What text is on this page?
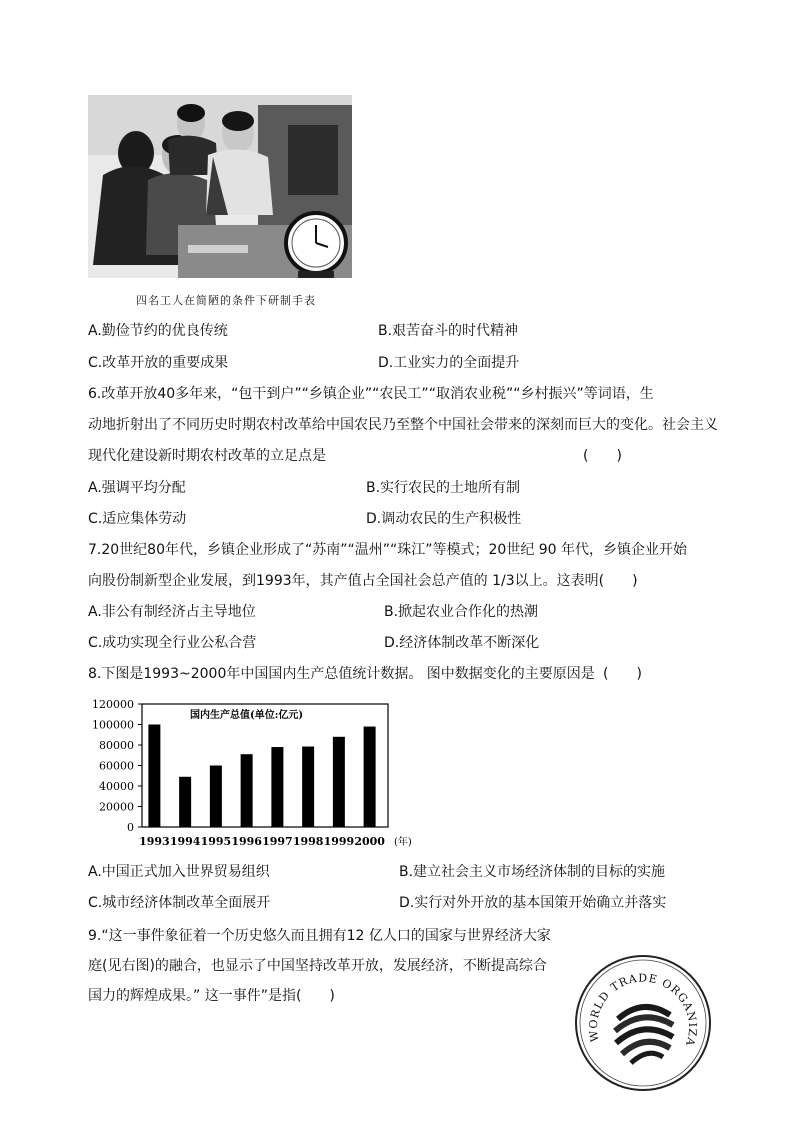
四名工人在简陋的条件下研制手表
A.勤俭节约的优良传统	B.艰苦奋斗的时代精神
C.改革开放的重要成果	D.工业实力的全面提升
6.改革开放40多年来，“包干到户”“乡镇企业”“农民工”“取消农业税”“乡村振兴”等词语，生
动地折射出了不同历史时期农村改革给中国农民乃至整个中国社会带来的深刻而巨大的变化。社会主义
现代化建设新时期农村改革的立足点是	(　　)
A.强调平均分配	B.实行农民的土地所有制
C.适应集体劳动	D.调动农民的生产积极性
7.20世纪80年代，乡镇企业形成了“苏南”“温州”“珠江”等模式；20世纪 90 年代，乡镇企业开始
向股份制新型企业发展，到1993年，其产值占全国社会总产值的 1/3以上。这表明(　　)
A.非公有制经济占主导地位	B.掀起农业合作化的热潮
C.成功实现全行业公私合营	D.经济体制改革不断深化
8.下图是1993~2000年中国国内生产总值统计数据。 图中数据变化的主要原因是 (　　)
0
20000
40000
60000
80000
100000
120000
1993 1994 1995 1996 1997 1998 1999 2000
国内生产总值(单位:亿元)
(年)
A.中国正式加入世界贸易组织	B.建立社会主义市场经济体制的目标的实施
C.城市经济体制改革全面展开	D.实行对外开放的基本国策开始确立并落实
9.“这一事件象征着一个历史悠久而且拥有12 亿人口的国家与世界经济大家
庭(见右图)的融合，也显示了中国坚持改革开放，发展经济，不断提高综合
国力的辉煌成果。” 这一事件”是指(　　)
WORLD TRADE ORGANIZA
